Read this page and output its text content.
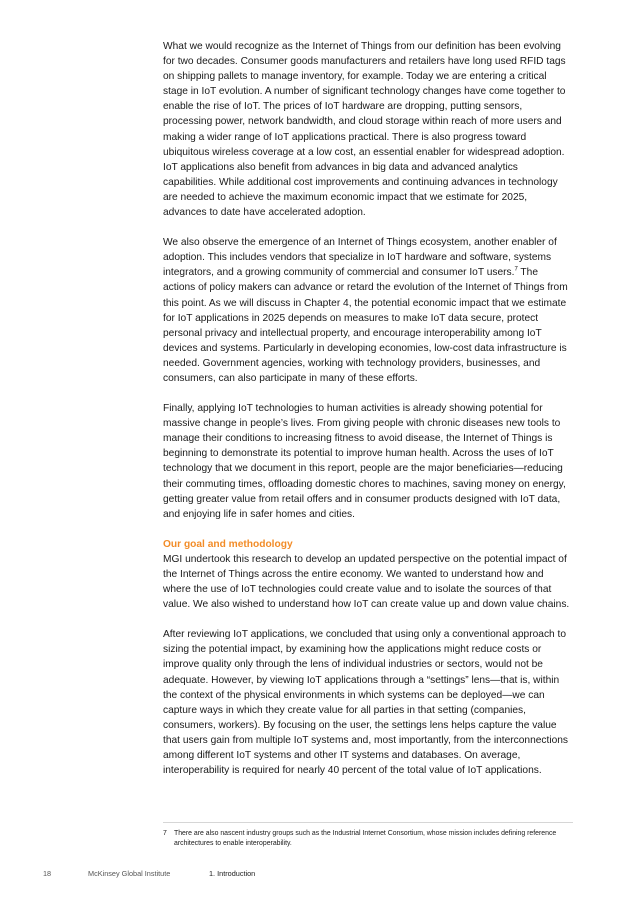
What we would recognize as the Internet of Things from our definition has been evolving for two decades. Consumer goods manufacturers and retailers have long used RFID tags on shipping pallets to manage inventory, for example. Today we are entering a critical stage in IoT evolution. A number of significant technology changes have come together to enable the rise of IoT. The prices of IoT hardware are dropping, putting sensors, processing power, network bandwidth, and cloud storage within reach of more users and making a wider range of IoT applications practical. There is also progress toward ubiquitous wireless coverage at a low cost, an essential enabler for widespread adoption. IoT applications also benefit from advances in big data and advanced analytics capabilities. While additional cost improvements and continuing advances in technology are needed to achieve the maximum economic impact that we estimate for 2025, advances to date have accelerated adoption.

We also observe the emergence of an Internet of Things ecosystem, another enabler of adoption. This includes vendors that specialize in IoT hardware and software, systems integrators, and a growing community of commercial and consumer IoT users.$^7$ The actions of policy makers can advance or retard the evolution of the Internet of Things from this point. As we will discuss in Chapter 4, the potential economic impact that we estimate for IoT applications in 2025 depends on measures to make IoT data secure, protect personal privacy and intellectual property, and encourage interoperability among IoT devices and systems. Particularly in developing economies, low-cost data infrastructure is needed. Government agencies, working with technology providers, businesses, and consumers, can also participate in many of these efforts.

Finally, applying IoT technologies to human activities is already showing potential for massive change in people’s lives. From giving people with chronic diseases new tools to manage their conditions to increasing fitness to avoid disease, the Internet of Things is beginning to demonstrate its potential to improve human health. Across the uses of IoT technology that we document in this report, people are the major beneficiaries—reducing their commuting times, offloading domestic chores to machines, saving money on energy, getting greater value from retail offers and in consumer products designed with IoT data, and enjoying life in safer homes and cities.

Our goal and methodology

MGI undertook this research to develop an updated perspective on the potential impact of the Internet of Things across the entire economy. We wanted to understand how and where the use of IoT technologies could create value and to isolate the sources of that value. We also wished to understand how IoT can create value up and down value chains.

After reviewing IoT applications, we concluded that using only a conventional approach to sizing the potential impact, by examining how the applications might reduce costs or improve quality only through the lens of individual industries or sectors, would not be adequate. However, by viewing IoT applications through a “settings” lens—that is, within the context of the physical environments in which systems can be deployed—we can capture ways in which they create value for all parties in that setting (companies, consumers, workers). By focusing on the user, the settings lens helps capture the value that users gain from multiple IoT systems and, most importantly, from the interconnections among different IoT systems and other IT systems and databases. On average, interoperability is required for nearly 40 percent of the total value of IoT applications.

7 There are also nascent industry groups such as the Industrial Internet Consortium, whose mission includes defining reference architectures to enable interoperability.
18	McKinsey Global Institute	1. Introduction
